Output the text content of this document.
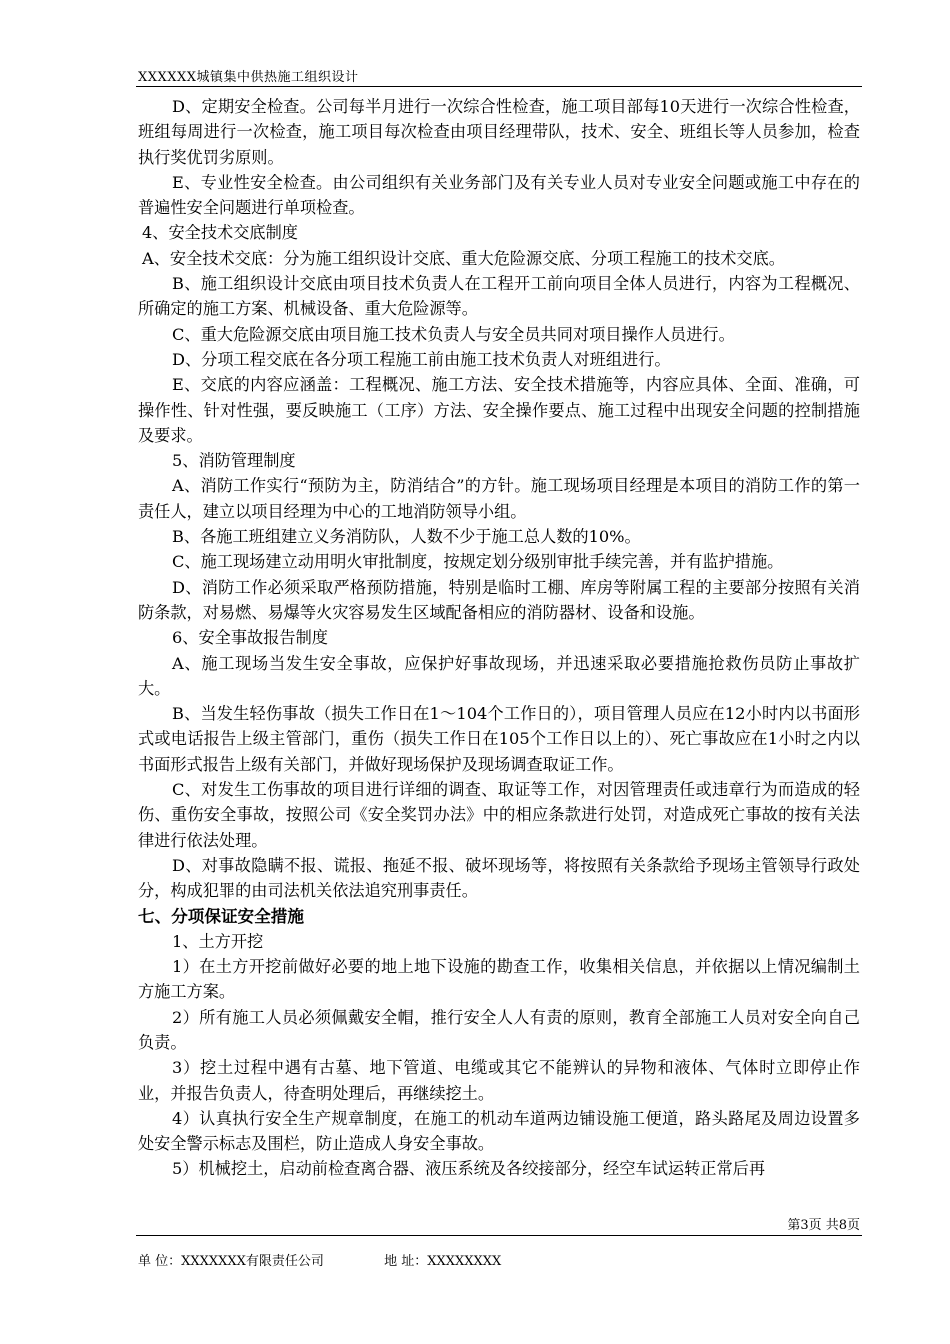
XXXXXX城镇集中供热施工组织设计

D、定期安全检查。公司每半月进行一次综合性检查，施工项目部每10天进行一次综合性检查，班组每周进行一次检查，施工项目每次检查由项目经理带队，技术、安全、班组长等人员参加，检查执行奖优罚劣原则。

E、专业性安全检查。由公司组织有关业务部门及有关专业人员对专业安全问题或施工中存在的普遍性安全问题进行单项检查。

4、安全技术交底制度

A、安全技术交底：分为施工组织设计交底、重大危险源交底、分项工程施工的技术交底。

B、施工组织设计交底由项目技术负责人在工程开工前向项目全体人员进行，内容为工程概况、所确定的施工方案、机械设备、重大危险源等。

C、重大危险源交底由项目施工技术负责人与安全员共同对项目操作人员进行。

D、分项工程交底在各分项工程施工前由施工技术负责人对班组进行。

E、交底的内容应涵盖：工程概况、施工方法、安全技术措施等，内容应具体、全面、准确，可操作性、针对性强，要反映施工（工序）方法、安全操作要点、施工过程中出现安全问题的控制措施及要求。

5、消防管理制度

A、消防工作实行“预防为主，防消结合”的方针。施工现场项目经理是本项目的消防工作的第一责任人，建立以项目经理为中心的工地消防领导小组。

B、各施工班组建立义务消防队，人数不少于施工总人数的10%。

C、施工现场建立动用明火审批制度，按规定划分级别审批手续完善，并有监护措施。

D、消防工作必须采取严格预防措施，特别是临时工棚、库房等附属工程的主要部分按照有关消防条款，对易燃、易爆等火灾容易发生区域配备相应的消防器材、设备和设施。

6、安全事故报告制度

A、施工现场当发生安全事故，应保护好事故现场，并迅速采取必要措施抢救伤员防止事故扩大。

B、当发生轻伤事故（损失工作日在1～104个工作日的），项目管理人员应在12小时内以书面形式或电话报告上级主管部门，重伤（损失工作日在105个工作日以上的）、死亡事故应在1小时之内以书面形式报告上级有关部门，并做好现场保护及现场调查取证工作。

C、对发生工伤事故的项目进行详细的调查、取证等工作，对因管理责任或违章行为而造成的轻伤、重伤安全事故，按照公司《安全奖罚办法》中的相应条款进行处罚，对造成死亡事故的按有关法律进行依法处理。

D、对事故隐瞒不报、谎报、拖延不报、破坏现场等，将按照有关条款给予现场主管领导行政处分，构成犯罪的由司法机关依法追究刑事责任。

七、分项保证安全措施

1、土方开挖

1）在土方开挖前做好必要的地上地下设施的勘查工作，收集相关信息，并依据以上情况编制土方施工方案。

2）所有施工人员必须佩戴安全帽，推行安全人人有责的原则，教育全部施工人员对安全向自己负责。

3）挖土过程中遇有古墓、地下管道、电缆或其它不能辨认的异物和液体、气体时立即停止作业，并报告负责人，待查明处理后，再继续挖土。

4）认真执行安全生产规章制度，在施工的机动车道两边铺设施工便道，路头路尾及周边设置多处安全警示标志及围栏，防止造成人身安全事故。

5）机械挖土，启动前检查离合器、液压系统及各绞接部分，经空车试运转正常后再

第3页 共8页
单 位：XXXXXXX有限责任公司	地 址：XXXXXXXX
